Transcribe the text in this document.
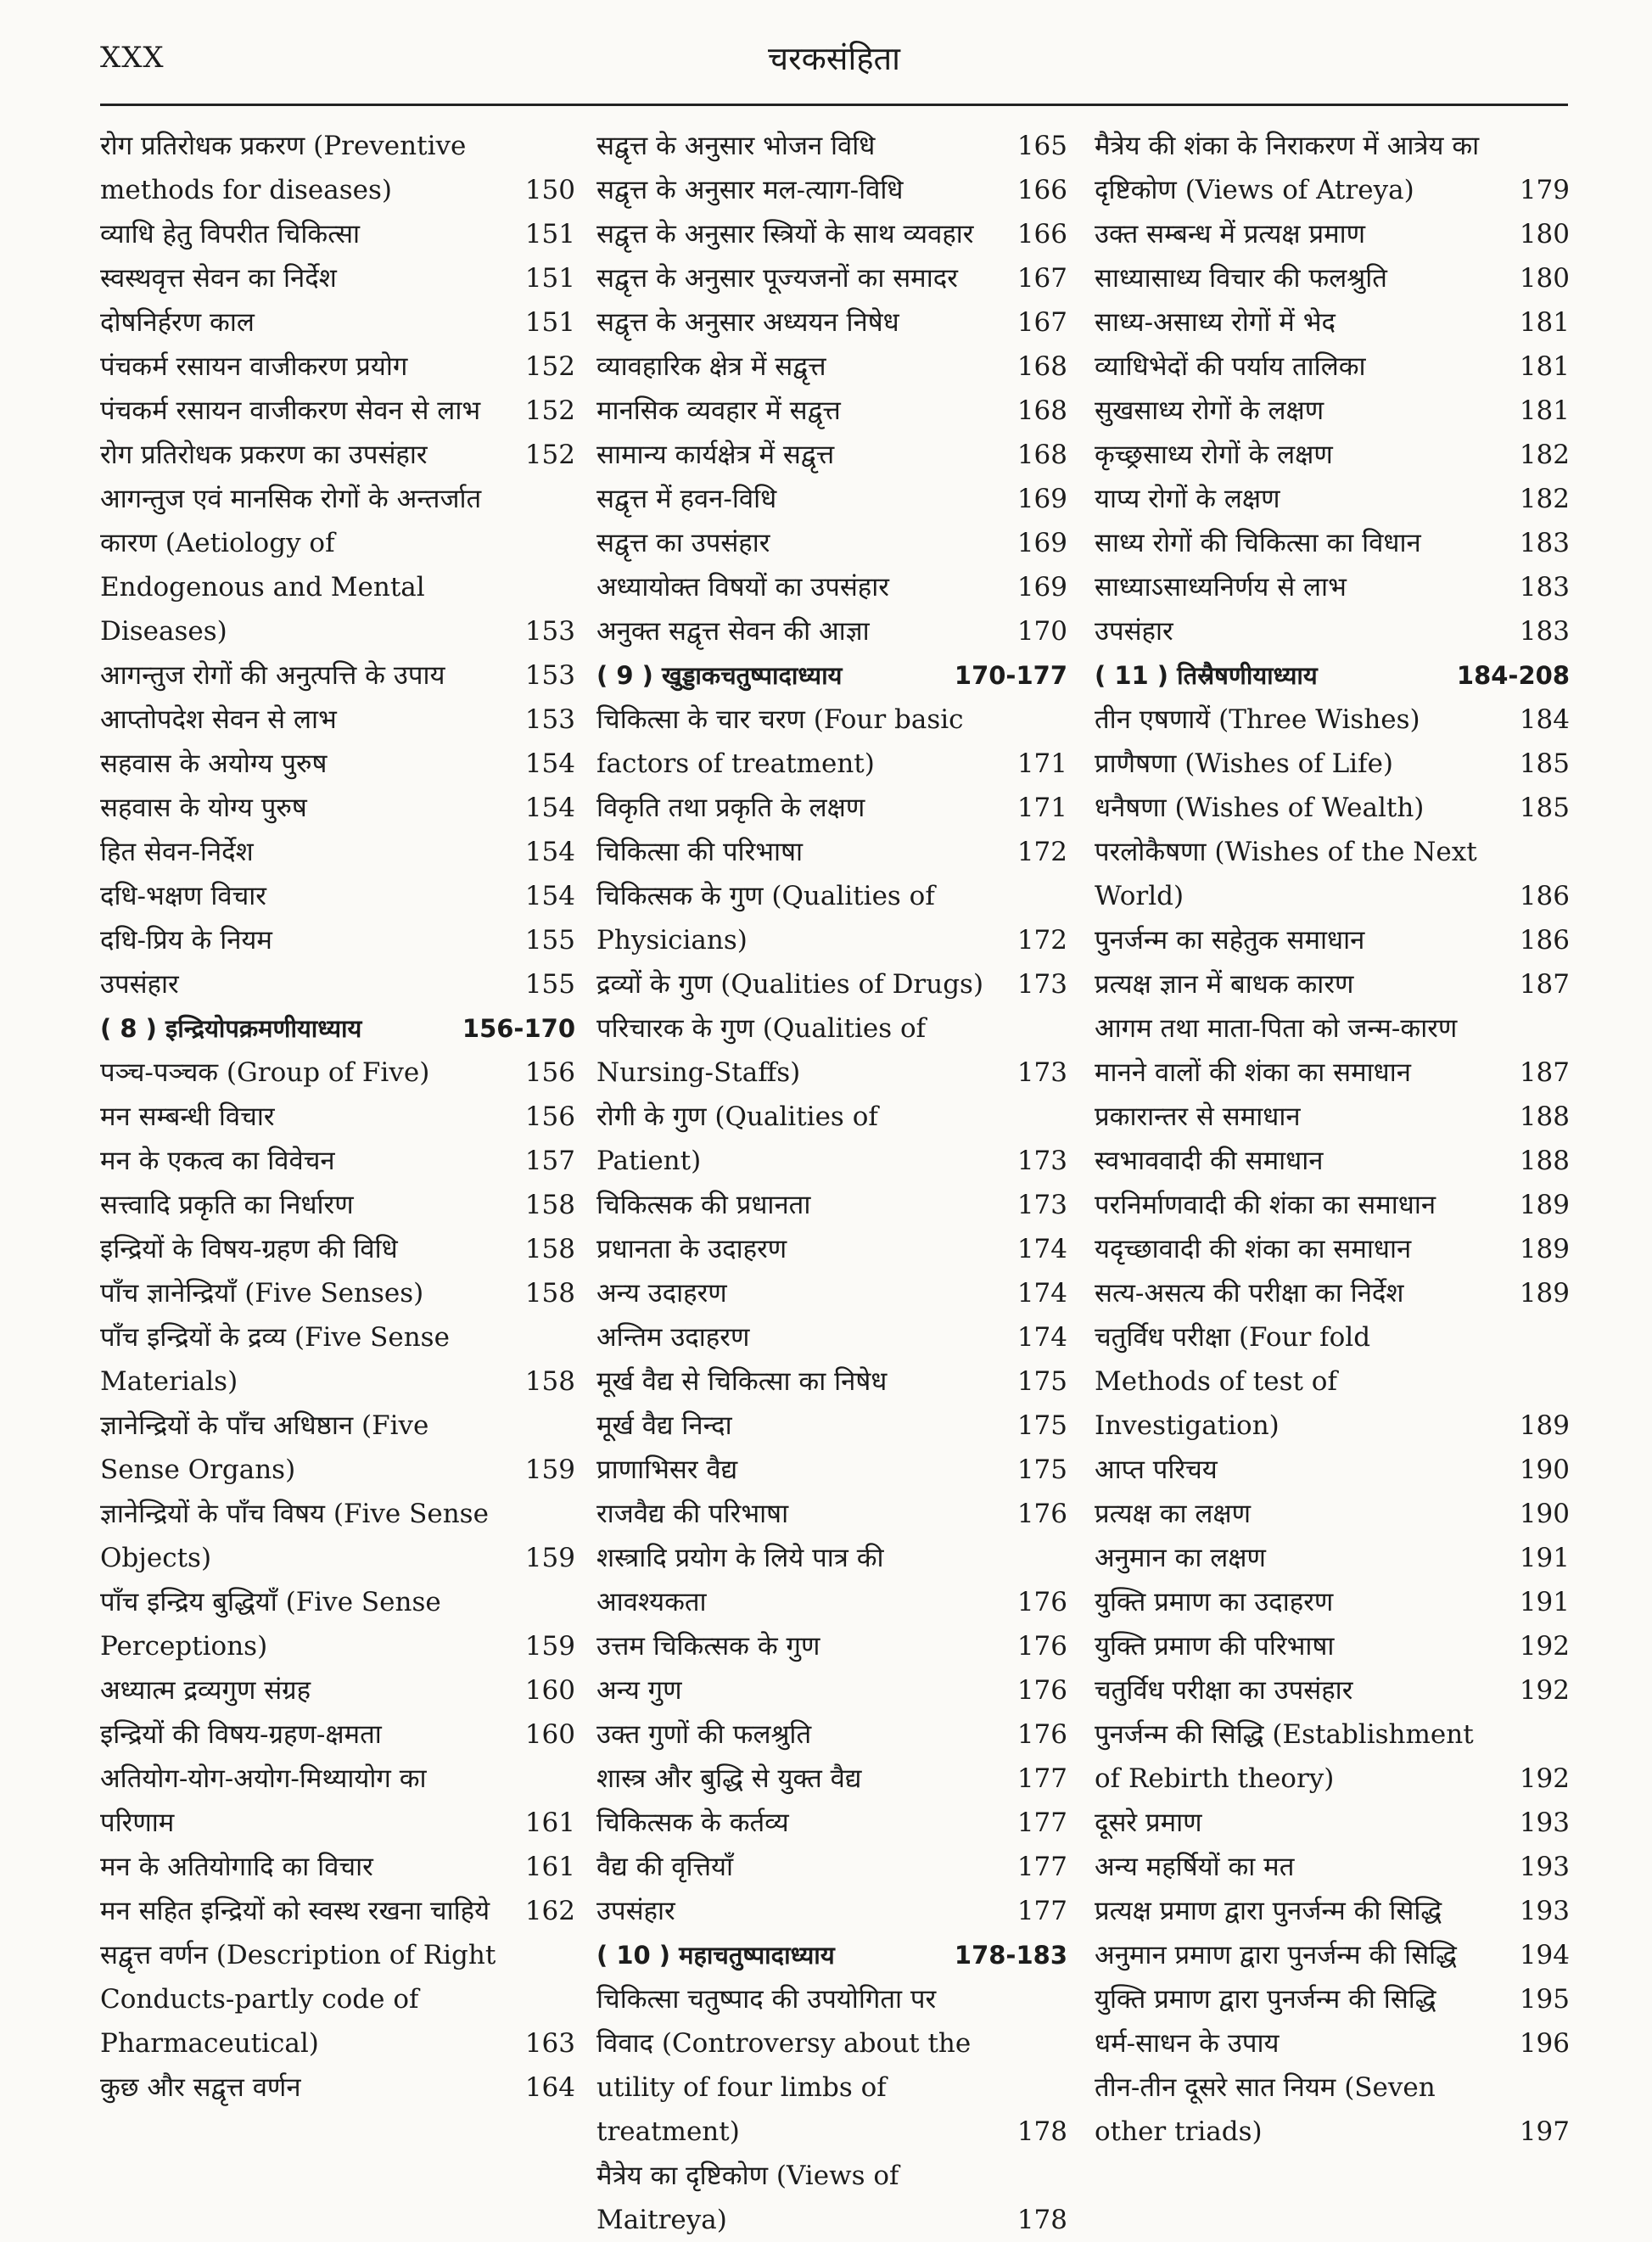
XXX	चरकसंहिता
रोग प्रतिरोधक प्रकरण (Preventive methods for diseases)	150
व्याधि हेतु विपरीत चिकित्सा	151
स्वस्थवृत्त सेवन का निर्देश	151
दोषनिर्हरण काल	151
पंचकर्म रसायन वाजीकरण प्रयोग	152
पंचकर्म रसायन वाजीकरण सेवन से लाभ	152
रोग प्रतिरोधक प्रकरण का उपसंहार	152
आगन्तुज एवं मानसिक रोगों के अन्तर्जात कारण (Aetiology of Endogenous and Mental Diseases)	153
आगन्तुज रोगों की अनुत्पत्ति के उपाय	153
आप्तोपदेश सेवन से लाभ	153
सहवास के अयोग्य पुरुष	154
सहवास के योग्य पुरुष	154
हित सेवन-निर्देश	154
दधि-भक्षण विचार	154
दधि-प्रिय के नियम	155
उपसंहार	155
( 8 ) इन्द्रियोपक्रमणीयाध्याय	156-170
पञ्च-पञ्चक (Group of Five)	156
मन सम्बन्धी विचार	156
मन के एकत्व का विवेचन	157
सत्त्वादि प्रकृति का निर्धारण	158
इन्द्रियों के विषय-ग्रहण की विधि	158
पाँच ज्ञानेन्द्रियाँ (Five Senses)	158
पाँच इन्द्रियों के द्रव्य (Five Sense Materials)	158
ज्ञानेन्द्रियों के पाँच अधिष्ठान (Five Sense Organs)	159
ज्ञानेन्द्रियों के पाँच विषय (Five Sense Objects)	159
पाँच इन्द्रिय बुद्धियाँ (Five Sense Perceptions)	159
अध्यात्म द्रव्यगुण संग्रह	160
इन्द्रियों की विषय-ग्रहण-क्षमता	160
अतियोग-योग-अयोग-मिथ्यायोग का परिणाम	161
मन के अतियोगादि का विचार	161
मन सहित इन्द्रियों को स्वस्थ रखना चाहिये	162
सद्वृत्त वर्णन (Description of Right Conducts-partly code of Pharmaceutical)	163
कुछ और सद्वृत्त वर्णन	164
सद्वृत्त के अनुसार भोजन विधि	165
सद्वृत्त के अनुसार मल-त्याग-विधि	166
सद्वृत्त के अनुसार स्त्रियों के साथ व्यवहार	166
सद्वृत्त के अनुसार पूज्यजनों का समादर	167
सद्वृत्त के अनुसार अध्ययन निषेध	167
व्यावहारिक क्षेत्र में सद्वृत्त	168
मानसिक व्यवहार में सद्वृत्त	168
सामान्य कार्यक्षेत्र में सद्वृत्त	168
सद्वृत्त में हवन-विधि	169
सद्वृत्त का उपसंहार	169
अध्यायोक्त विषयों का उपसंहार	169
अनुक्त सद्वृत्त सेवन की आज्ञा	170
( 9 ) खुड्डाकचतुष्पादाध्याय	170-177
चिकित्सा के चार चरण (Four basic factors of treatment)	171
विकृति तथा प्रकृति के लक्षण	171
चिकित्सा की परिभाषा	172
चिकित्सक के गुण (Qualities of Physicians)	172
द्रव्यों के गुण (Qualities of Drugs)	173
परिचारक के गुण (Qualities of Nursing-Staffs)	173
रोगी के गुण (Qualities of Patient)	173
चिकित्सक की प्रधानता	173
प्रधानता के उदाहरण	174
अन्य उदाहरण	174
अन्तिम उदाहरण	174
मूर्ख वैद्य से चिकित्सा का निषेध	175
मूर्ख वैद्य निन्दा	175
प्राणाभिसर वैद्य	175
राजवैद्य की परिभाषा	176
शस्त्रादि प्रयोग के लिये पात्र की आवश्यकता	176
उत्तम चिकित्सक के गुण	176
अन्य गुण	176
उक्त गुणों की फलश्रुति	176
शास्त्र और बुद्धि से युक्त वैद्य	177
चिकित्सक के कर्तव्य	177
वैद्य की वृत्तियाँ	177
उपसंहार	177
( 10 ) महाचतुष्पादाध्याय	178-183
चिकित्सा चतुष्पाद की उपयोगिता पर विवाद (Controversy about the utility of four limbs of treatment)	178
मैत्रेय का दृष्टिकोण (Views of Maitreya)	178
मैत्रेय की शंका के निराकरण में आत्रेय का दृष्टिकोण (Views of Atreya)	179
उक्त सम्बन्ध में प्रत्यक्ष प्रमाण	180
साध्यासाध्य विचार की फलश्रुति	180
साध्य-असाध्य रोगों में भेद	181
व्याधिभेदों की पर्याय तालिका	181
सुखसाध्य रोगों के लक्षण	181
कृच्छ्रसाध्य रोगों के लक्षण	182
याप्य रोगों के लक्षण	182
साध्य रोगों की चिकित्सा का विधान	183
साध्याऽसाध्यनिर्णय से लाभ	183
उपसंहार	183
( 11 ) तिस्रैषणीयाध्याय	184-208
तीन एषणायें (Three Wishes)	184
प्राणैषणा (Wishes of Life)	185
धनैषणा (Wishes of Wealth)	185
परलोकैषणा (Wishes of the Next World)	186
पुनर्जन्म का सहेतुक समाधान	186
प्रत्यक्ष ज्ञान में बाधक कारण	187
आगम तथा माता-पिता को जन्म-कारण मानने वालों की शंका का समाधान	187
प्रकारान्तर से समाधान	188
स्वभाववादी की समाधान	188
परनिर्माणवादी की शंका का समाधान	189
यदृच्छावादी की शंका का समाधान	189
सत्य-असत्य की परीक्षा का निर्देश	189
चतुर्विध परीक्षा (Four fold Methods of test of Investigation)	189
आप्त परिचय	190
प्रत्यक्ष का लक्षण	190
अनुमान का लक्षण	191
युक्ति प्रमाण का उदाहरण	191
युक्ति प्रमाण की परिभाषा	192
चतुर्विध परीक्षा का उपसंहार	192
पुनर्जन्म की सिद्धि (Establishment of Rebirth theory)	192
दूसरे प्रमाण	193
अन्य महर्षियों का मत	193
प्रत्यक्ष प्रमाण द्वारा पुनर्जन्म की सिद्धि	193
अनुमान प्रमाण द्वारा पुनर्जन्म की सिद्धि	194
युक्ति प्रमाण द्वारा पुनर्जन्म की सिद्धि	195
धर्म-साधन के उपाय	196
तीन-तीन दूसरे सात नियम (Seven other triads)	197
